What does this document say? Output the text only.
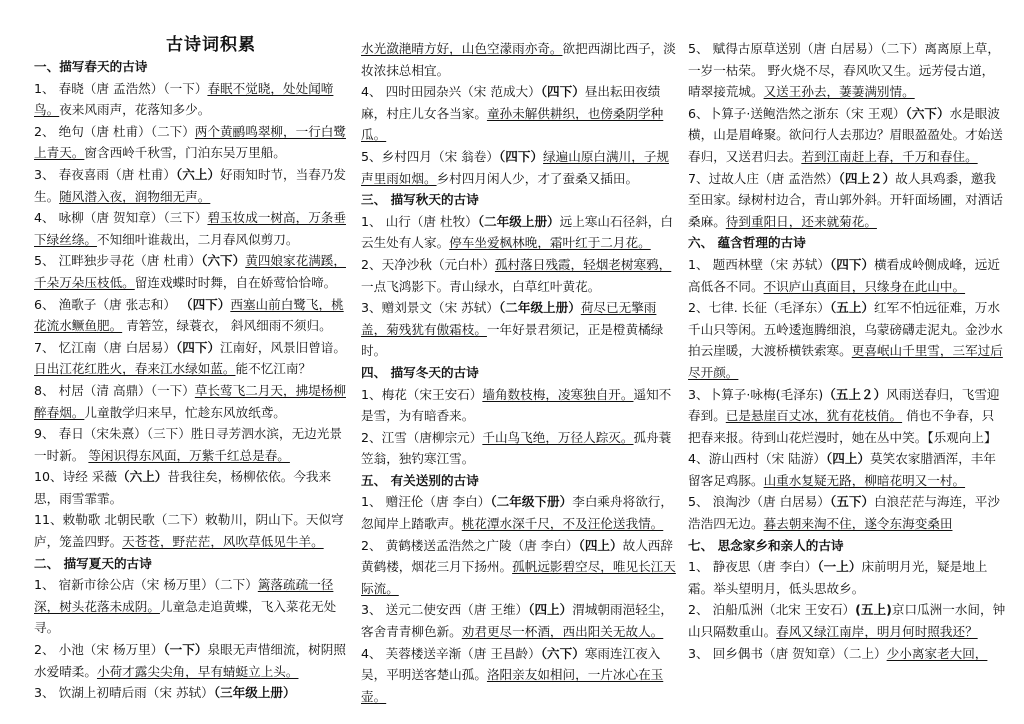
古诗词积累
一、描写春天的古诗
1、 春晓（唐 孟浩然）（一下）春眠不觉晓，处处闻啼鸟。夜来风雨声，花落知多少。
2、 绝句（唐 杜甫）（二下）两个黄鹂鸣翠柳，一行白鹭上青天。窗含西岭千秋雪，门泊东吴万里船。
3、 春夜喜雨（唐 杜甫）（六上）好雨知时节，当春乃发生。随风潜入夜，润物细无声。
4、 咏柳（唐 贺知章）（三下）碧玉妆成一树高，万条垂下绿丝绦。不知细叶谁裁出，二月春风似剪刀。
5、 江畔独步寻花（唐 杜甫）（六下）黄四娘家花满蹊，千朵万朵压枝低。留连戏蝶时时舞，自在娇莺恰恰啼。
6、 渔歌子（唐 张志和） （四下）西塞山前白鹭飞，桃花流水鳜鱼肥。 青箬笠，绿蓑衣， 斜风细雨不须归。
7、 忆江南（唐 白居易）（四下）江南好，风景旧曾谙。日出江花红胜火，春来江水绿如蓝。能不忆江南？
8、 村居（清 高鼎）（一下）草长莺飞二月天，拂堤杨柳醉春烟。儿童散学归来早，忙趁东风放纸鸢。
9、 春日（宋朱熹）（三下）胜日寻芳泗水滨，无边光景一时新。 等闲识得东风面，万紫千红总是春。
10、诗经 采薇（六上）昔我往矣，杨柳依依。今我来思，雨雪霏霏。
11、敕勒歌 北朝民歌（二下）敕勒川，阴山下。天似穹庐，笼盖四野。天苍苍，野茫茫，风吹草低见牛羊。
二、 描写夏天的古诗
1、 宿新市徐公店（宋 杨万里）（二下）篱落疏疏一径深，树头花落未成阴。儿童急走追黄蝶，飞入菜花无处寻。
2、 小池（宋 杨万里）（一下）泉眼无声惜细流，树阴照水爱晴柔。小荷才露尖尖角，早有蜻蜓立上头。
3、 饮湖上初晴后雨（宋 苏轼）（三年级上册）
水光潋滟晴方好，山色空濛雨亦奇。欲把西湖比西子，淡妆浓抹总相宜。
4、 四时田园杂兴（宋 范成大）（四下）昼出耘田夜绩麻，村庄儿女各当家。童孙未解供耕织，也傍桑阴学种瓜。
5、乡村四月（宋 翁卷）（四下）绿遍山原白满川，子规声里雨如烟。乡村四月闲人少，才了蚕桑又插田。
三、 描写秋天的古诗
1、 山行（唐 杜牧）（二年级上册）远上寒山石径斜，白云生处有人家。停车坐爱枫林晚，霜叶红于二月花。
2、天净沙秋（元白朴）孤村落日残霞，轻烟老树寒鸦，一点飞鸿影下。青山绿水，白草红叶黄花。
3、赠刘景文（宋 苏轼）（二年级上册）荷尽已无擎雨盖，菊残犹有傲霜枝。一年好景君须记，正是橙黄橘绿时。
四、 描写冬天的古诗
1、梅花（宋王安石）墙角数枝梅，凌寒独自开。遥知不是雪，为有暗香来。
2、江雪（唐柳宗元）千山鸟飞绝，万径人踪灭。孤舟蓑笠翁，独钓寒江雪。
五、 有关送别的古诗
1、 赠汪伦（唐 李白）（二年级下册）李白乘舟将欲行，忽闻岸上踏歌声。桃花潭水深千尺，不及汪伦送我情。
2、 黄鹤楼送孟浩然之广陵（唐 李白）（四上）故人西辞黄鹤楼，烟花三月下扬州。孤帆远影碧空尽，唯见长江天际流。
3、 送元二使安西（唐 王维）（四上）渭城朝雨浥轻尘，客舍青青柳色新。劝君更尽一杯酒，西出阳关无故人。
4、 芙蓉楼送辛渐（唐 王昌龄）（六下）寒雨连江夜入吴，平明送客楚山孤。洛阳亲友如相问，一片冰心在玉壶。
5、 赋得古原草送别（唐 白居易）（二下）离离原上草，一岁一枯荣。 野火烧不尽，春风吹又生。远芳侵古道，晴翠接荒城。又送王孙去，萋萋满别情。
6、卜算子·送鲍浩然之浙东（宋 王观）（六下）水是眼波横，山是眉峰聚。欲问行人去那边？眉眼盈盈处。才始送春归，又送君归去。若到江南赶上春，千万和春住。
7、过故人庄（唐 孟浩然）（四上２）故人具鸡黍，邀我至田家。绿树村边合，青山郭外斜。开轩面场圃，对酒话桑麻。待到重阳日，还来就菊花。
六、 蕴含哲理的古诗
1、 题西林壁（宋 苏轼）（四下）横看成岭侧成峰，远近高低各不同。不识庐山真面目，只缘身在此山中。
2、七律. 长征（毛泽东）（五上）红军不怕远征难，万水千山只等闲。五岭逶迤腾细浪，乌蒙磅礴走泥丸。金沙水拍云崖暖，大渡桥横铁索寒。更喜岷山千里雪，三军过后尽开颜。
3、卜算子·咏梅(毛泽东)（五上２）风雨送春归，飞雪迎春到。已是悬崖百丈冰，犹有花枝俏。 俏也不争春，只把春来报。待到山花烂漫时，她在丛中笑。【乐观向上】
4、游山西村（宋 陆游）（四上）莫笑农家腊酒浑，丰年留客足鸡豚。山重水复疑无路，柳暗花明又一村。
5、 浪淘沙（唐 白居易）（五下）白浪茫茫与海连，平沙浩浩四无边。暮去朝来淘不住，遂令东海变桑田
七、 思念家乡和亲人的古诗
1、 静夜思（唐 李白）（一上）床前明月光，疑是地上霜。举头望明月，低头思故乡。
2、 泊船瓜洲（北宋 王安石）(五上)京口瓜洲一水间，钟山只隔数重山。春风又绿江南岸，明月何时照我还？
3、 回乡偶书（唐 贺知章）（二上）少小离家老大回，
